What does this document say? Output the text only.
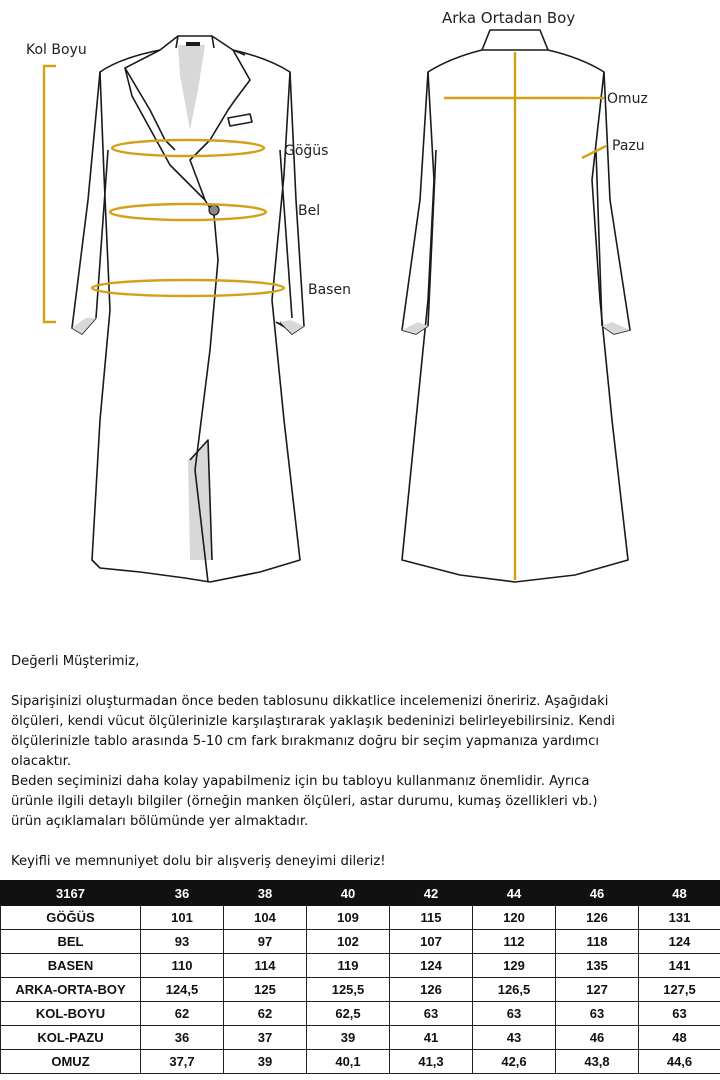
Kol Boyu
Göğüs
Bel
Basen
Arka Ortadan Boy
Omuz
Pazu

Değerli Müşterimiz,

Siparişinizi oluşturmadan önce beden tablosunu dikkatlice incelemenizi öneririz. Aşağıdaki

ölçüleri, kendi vücut ölçülerinizle karşılaştırarak yaklaşık bedeninizi belirleyebilirsiniz. Kendi

ölçülerinizle tablo arasında 5-10 cm fark bırakmanız doğru bir seçim yapmanıza yardımcı

olacaktır.

Beden seçiminizi daha kolay yapabilmeniz için bu tabloyu kullanmanız önemlidir. Ayrıca

ürünle ilgili detaylı bilgiler (örneğin manken ölçüleri, astar durumu, kumaş özellikleri vb.)

ürün açıklamaları bölümünde yer almaktadır.

Keyifli ve memnuniyet dolu bir alışveriş deneyimi dileriz!

3167	36	38	40	42	44	46	48
GÖĞÜS	101	104	109	115	120	126	131
BEL	93	97	102	107	112	118	124
BASEN	110	114	119	124	129	135	141
ARKA-ORTA-BOY	124,5	125	125,5	126	126,5	127	127,5
KOL-BOYU	62	62	62,5	63	63	63	63
KOL-PAZU	36	37	39	41	43	46	48
OMUZ	37,7	39	40,1	41,3	42,6	43,8	44,6
